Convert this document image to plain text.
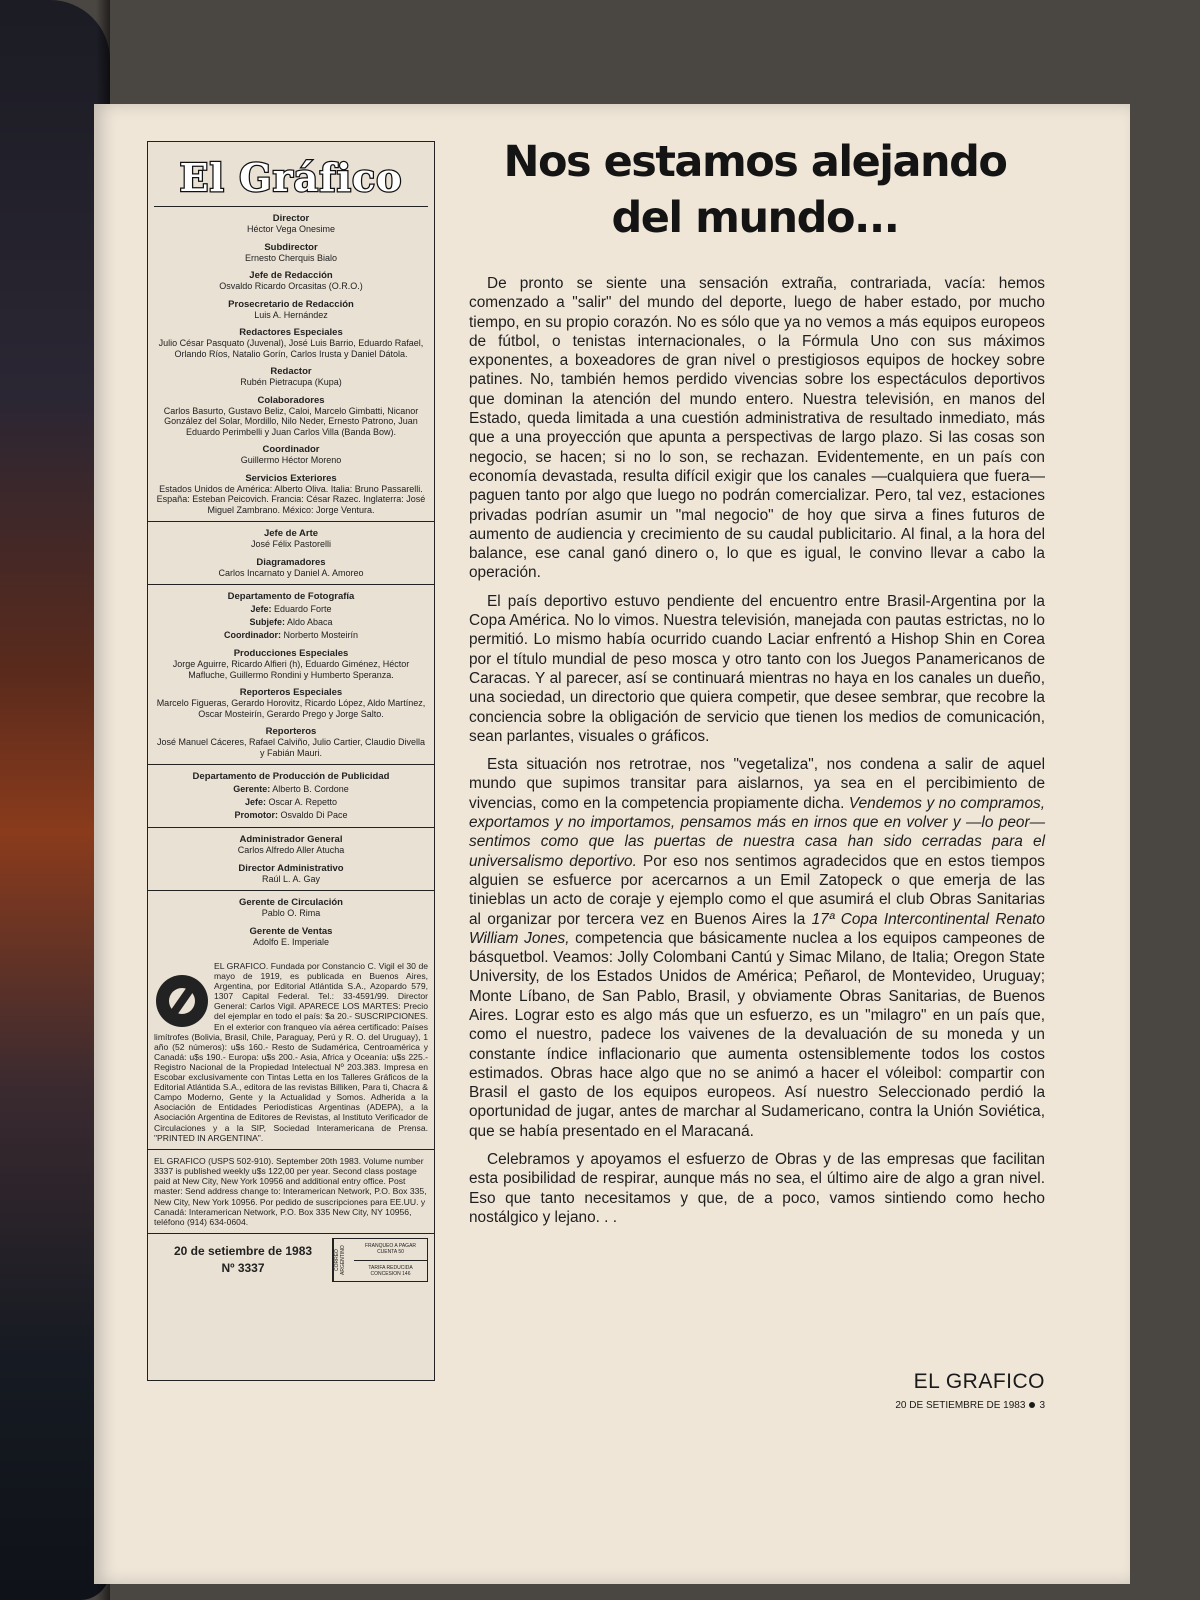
El Gráfico
Director
Héctor Vega Onesime
Subdirector
Ernesto Cherquis Bialo
Jefe de Redacción
Osvaldo Ricardo Orcasitas (O.R.O.)
Prosecretario de Redacción
Luis A. Hernández
Redactores Especiales
Julio César Pasquato (Juvenal), José Luis Barrio, Eduardo Rafael, Orlando Ríos, Natalio Gorín, Carlos Irusta y Daniel Dátola.
Redactor
Rubén Pietracupa (Kupa)
Colaboradores
Carlos Basurto, Gustavo Beliz, Caloi, Marcelo Gimbatti, Nicanor González del Solar, Mordillo, Nilo Neder, Ernesto Patrono, Juan Eduardo Perimbelli y Juan Carlos Villa (Banda Bow).
Coordinador
Guillermo Héctor Moreno
Servicios Exteriores
Estados Unidos de América: Alberto Oliva. Italia: Bruno Passarelli. España: Esteban Peicovich. Francia: César Razec. Inglaterra: José Miguel Zambrano. México: Jorge Ventura.
Jefe de Arte
José Félix Pastorelli
Diagramadores
Carlos Incarnato y Daniel A. Amoreo
Departamento de Fotografía
Jefe: Eduardo Forte
Subjefe: Aldo Abaca
Coordinador: Norberto Mosteirín
Producciones Especiales
Jorge Aguirre, Ricardo Alfieri (h), Eduardo Giménez, Héctor Mafluche, Guillermo Rondini y Humberto Speranza.
Reporteros Especiales
Marcelo Figueras, Gerardo Horovitz, Ricardo López, Aldo Martínez, Oscar Mosteirín, Gerardo Prego y Jorge Salto.
Reporteros
José Manuel Cáceres, Rafael Calviño, Julio Cartier, Claudio Divella y Fabián Mauri.
Departamento de Producción de Publicidad
Gerente: Alberto B. Cordone
Jefe: Oscar A. Repetto
Promotor: Osvaldo Di Pace
Administrador General
Carlos Alfredo Aller Atucha
Director Administrativo
Raúl L. A. Gay
Gerente de Circulación
Pablo O. Rima
Gerente de Ventas
Adolfo E. Imperiale
EL GRAFICO. Fundada por Constancio C. Vigil el 30 de mayo de 1919, es publicada en Buenos Aires, Argentina, por Editorial Atlántida S.A., Azopardo 579, 1307 Capital Federal. Tel.: 33-4591/99. Director General: Carlos Vigil. APARECE LOS MARTES: Precio del ejemplar en todo el país: $a 20.- SUSCRIPCIONES. En el exterior con franqueo vía aérea certificado: Países limítrofes (Bolivia, Brasil, Chile, Paraguay, Perú y R. O. del Uruguay), 1 año (52 números): u$s 160.- Resto de Sudamérica, Centroamérica y Canadá: u$s 190.- Europa: u$s 200.- Asia, Africa y Oceanía: u$s 225.- Registro Nacional de la Propiedad Intelectual Nº 203.383. Impresa en Escobar exclusivamente con Tintas Letta en los Talleres Gráficos de la Editorial Atlántida S.A., editora de las revistas Billiken, Para ti, Chacra & Campo Moderno, Gente y la Actualidad y Somos. Adherida a la Asociación de Entidades Periodísticas Argentinas (ADEPA), a la Asociación Argentina de Editores de Revistas, al Instituto Verificador de Circulaciones y a la SIP, Sociedad Interamericana de Prensa. "PRINTED IN ARGENTINA".
EL GRAFICO (USPS 502-910). September 20th 1983. Volume number 3337 is published weekly u$s 122,00 per year. Second class postage paid at New City, New York 10956 and additional entry office. Post master: Send address change to: Interamerican Network, P.O. Box 335, New City, New York 10956. Por pedido de suscripciones para EE.UU. y Canadá: Interamerican Network, P.O. Box 335 New City, NY 10956, teléfono (914) 634-0604.
20 de setiembre de 1983
Nº 3337	CORREO ARGENTINO	FRANQUEO A PAGAR CUENTA 50
TARIFA REDUCIDA CONCESION 146
Nos estamos alejando
del mundo...

De pronto se siente una sensación extraña, contrariada, vacía: hemos comenzado a "salir" del mundo del deporte, luego de haber estado, por mucho tiempo, en su propio corazón. No es sólo que ya no vemos a más equipos europeos de fútbol, o tenistas internacionales, o la Fórmula Uno con sus máximos exponentes, a boxeadores de gran nivel o prestigiosos equipos de hockey sobre patines. No, también hemos perdido vivencias sobre los espectáculos deportivos que dominan la atención del mundo entero. Nuestra televisión, en manos del Estado, queda limitada a una cuestión administrativa de resultado inmediato, más que a una proyección que apunta a perspectivas de largo plazo. Si las cosas son negocio, se hacen; si no lo son, se rechazan. Evidentemente, en un país con economía devastada, resulta difícil exigir que los canales —cualquiera que fuera— paguen tanto por algo que luego no podrán comercializar. Pero, tal vez, estaciones privadas podrían asumir un "mal negocio" de hoy que sirva a fines futuros de aumento de audiencia y crecimiento de su caudal publicitario. Al final, a la hora del balance, ese canal ganó dinero o, lo que es igual, le convino llevar a cabo la operación.

El país deportivo estuvo pendiente del encuentro entre Brasil-Argentina por la Copa América. No lo vimos. Nuestra televisión, manejada con pautas estrictas, no lo permitió. Lo mismo había ocurrido cuando Laciar enfrentó a Hishop Shin en Corea por el título mundial de peso mosca y otro tanto con los Juegos Panamericanos de Caracas. Y al parecer, así se continuará mientras no haya en los canales un dueño, una sociedad, un directorio que quiera competir, que desee sembrar, que recobre la conciencia sobre la obligación de servicio que tienen los medios de comunicación, sean parlantes, visuales o gráficos.

Esta situación nos retrotrae, nos "vegetaliza", nos condena a salir de aquel mundo que supimos transitar para aislarnos, ya sea en el percibimiento de vivencias, como en la competencia propiamente dicha. Vendemos y no compramos, exportamos y no importamos, pensamos más en irnos que en volver y —lo peor— sentimos como que las puertas de nuestra casa han sido cerradas para el universalismo deportivo. Por eso nos sentimos agradecidos que en estos tiempos alguien se esfuerce por acercarnos a un Emil Zatopeck o que emerja de las tinieblas un acto de coraje y ejemplo como el que asumirá el club Obras Sanitarias al organizar por tercera vez en Buenos Aires la 17ª Copa Intercontinental Renato William Jones, competencia que básicamente nuclea a los equipos campeones de básquetbol. Veamos: Jolly Colombani Cantú y Simac Milano, de Italia; Oregon State University, de los Estados Unidos de América; Peñarol, de Montevideo, Uruguay; Monte Líbano, de San Pablo, Brasil, y obviamente Obras Sanitarias, de Buenos Aires. Lograr esto es algo más que un esfuerzo, es un "milagro" en un país que, como el nuestro, padece los vaivenes de la devaluación de su moneda y un constante índice inflacionario que aumenta ostensiblemente todos los costos estimados. Obras hace algo que no se animó a hacer el vóleibol: compartir con Brasil el gasto de los equipos europeos. Así nuestro Seleccionado perdió la oportunidad de jugar, antes de marchar al Sudamericano, contra la Unión Soviética, que se había presentado en el Maracaná.

Celebramos y apoyamos el esfuerzo de Obras y de las empresas que facilitan esta posibilidad de respirar, aunque más no sea, el último aire de algo a gran nivel. Eso que tanto necesitamos y que, de a poco, vamos sintiendo como hecho nostálgico y lejano. . .

EL GRAFICO
20 DE SETIEMBRE DE 1983 3
